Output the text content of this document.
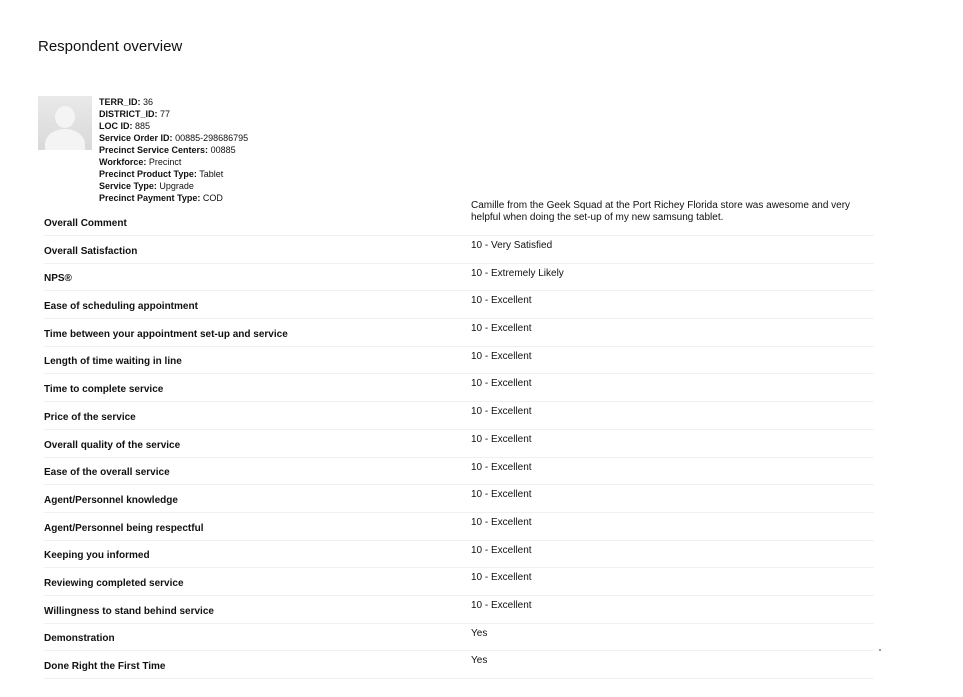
Respondent overview
TERR_ID: 36
DISTRICT_ID: 77
LOC ID: 885
Service Order ID: 00885-298686795
Precinct Service Centers: 00885
Workforce: Precinct
Precinct Product Type: Tablet
Service Type: Upgrade
Precinct Payment Type: COD
Overall Comment
Camille from the Geek Squad at the Port Richey Florida store was awesome and very helpful when doing the set-up of my new samsung tablet.
Overall Satisfaction
10 - Very Satisfied
NPS®
10 - Extremely Likely
Ease of scheduling appointment
10 - Excellent
Time between your appointment set-up and service
10 - Excellent
Length of time waiting in line
10 - Excellent
Time to complete service
10 - Excellent
Price of the service
10 - Excellent
Overall quality of the service
10 - Excellent
Ease of the overall service
10 - Excellent
Agent/Personnel knowledge
10 - Excellent
Agent/Personnel being respectful
10 - Excellent
Keeping you informed
10 - Excellent
Reviewing completed service
10 - Excellent
Willingness to stand behind service
10 - Excellent
Demonstration
Yes
Done Right the First Time
Yes
